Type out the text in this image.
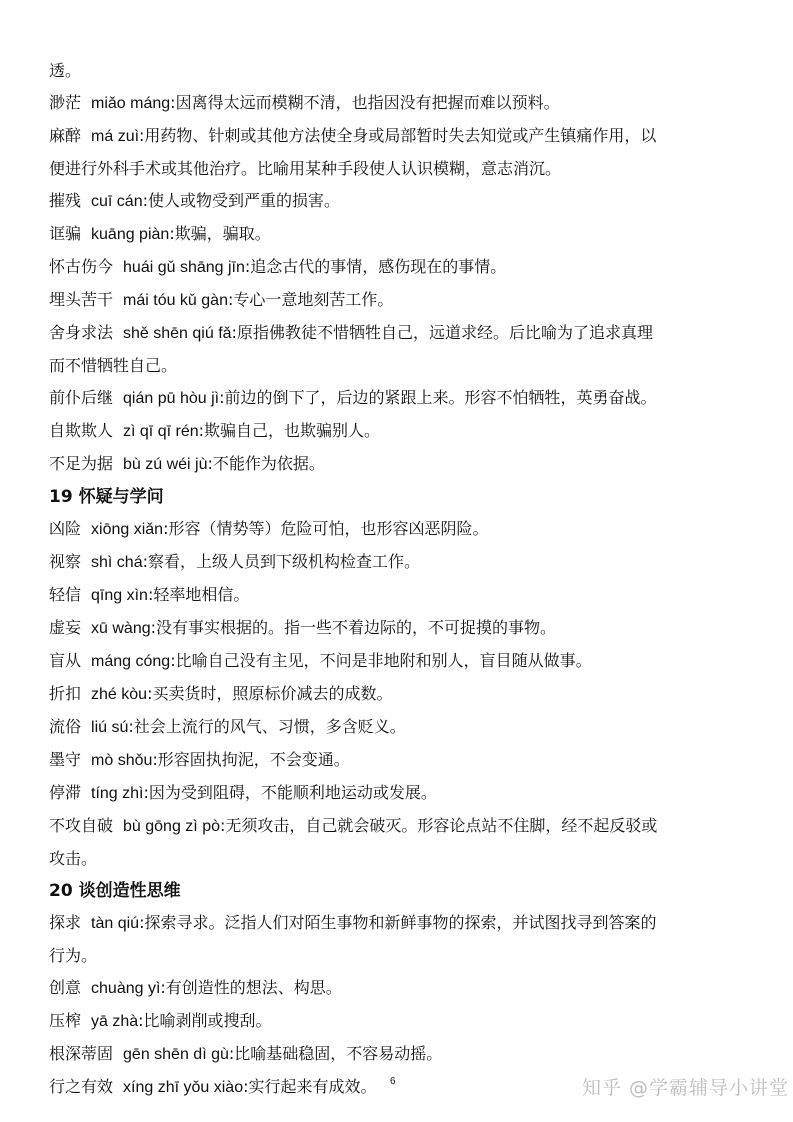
透。
渺茫 miǎo máng:因离得太远而模糊不清，也指因没有把握而难以预料。
麻醉 má zuì:用药物、针刺或其他方法使全身或局部暂时失去知觉或产生镇痛作用，以
便进行外科手术或其他治疗。比喻用某种手段使人认识模糊，意志消沉。
摧残 cuī cán:使人或物受到严重的损害。
诓骗 kuāng piàn:欺骗，骗取。
怀古伤今 huái gǔ shāng jīn:追念古代的事情，感伤现在的事情。
埋头苦干 mái tóu kǔ gàn:专心一意地刻苦工作。
舍身求法 shě shēn qiú fǎ:原指佛教徒不惜牺牲自己，远道求经。后比喻为了追求真理
而不惜牺牲自己。
前仆后继 qián pū hòu jì:前边的倒下了，后边的紧跟上来。形容不怕牺牲，英勇奋战。
自欺欺人 zì qī qī rén:欺骗自己，也欺骗别人。
不足为据 bù zú wéi jù:不能作为依据。
19 怀疑与学问
凶险 xiōng xiǎn:形容（情势等）危险可怕，也形容凶恶阴险。
视察 shì chá:察看，上级人员到下级机构检查工作。
轻信 qīng xìn:轻率地相信。
虚妄 xū wàng:没有事实根据的。指一些不着边际的，不可捉摸的事物。
盲从 máng cóng:比喻自己没有主见，不问是非地附和别人，盲目随从做事。
折扣 zhé kòu:买卖货时，照原标价减去的成数。
流俗 liú sú:社会上流行的风气、习惯，多含贬义。
墨守 mò shǒu:形容固执拘泥，不会变通。
停滞 tíng zhì:因为受到阻碍，不能顺利地运动或发展。
不攻自破 bù gōng zì pò:无须攻击，自己就会破灭。形容论点站不住脚，经不起反驳或
攻击。
20 谈创造性思维
探求 tàn qiú:探索寻求。泛指人们对陌生事物和新鲜事物的探索，并试图找寻到答案的
行为。
创意 chuàng yì:有创造性的想法、构思。
压榨 yā zhà:比喻剥削或搜刮。
根深蒂固 gēn shēn dì gù:比喻基础稳固，不容易动摇。
行之有效 xíng zhī yǒu xiào:实行起来有成效。	6	知乎 @学霸辅导小讲堂
